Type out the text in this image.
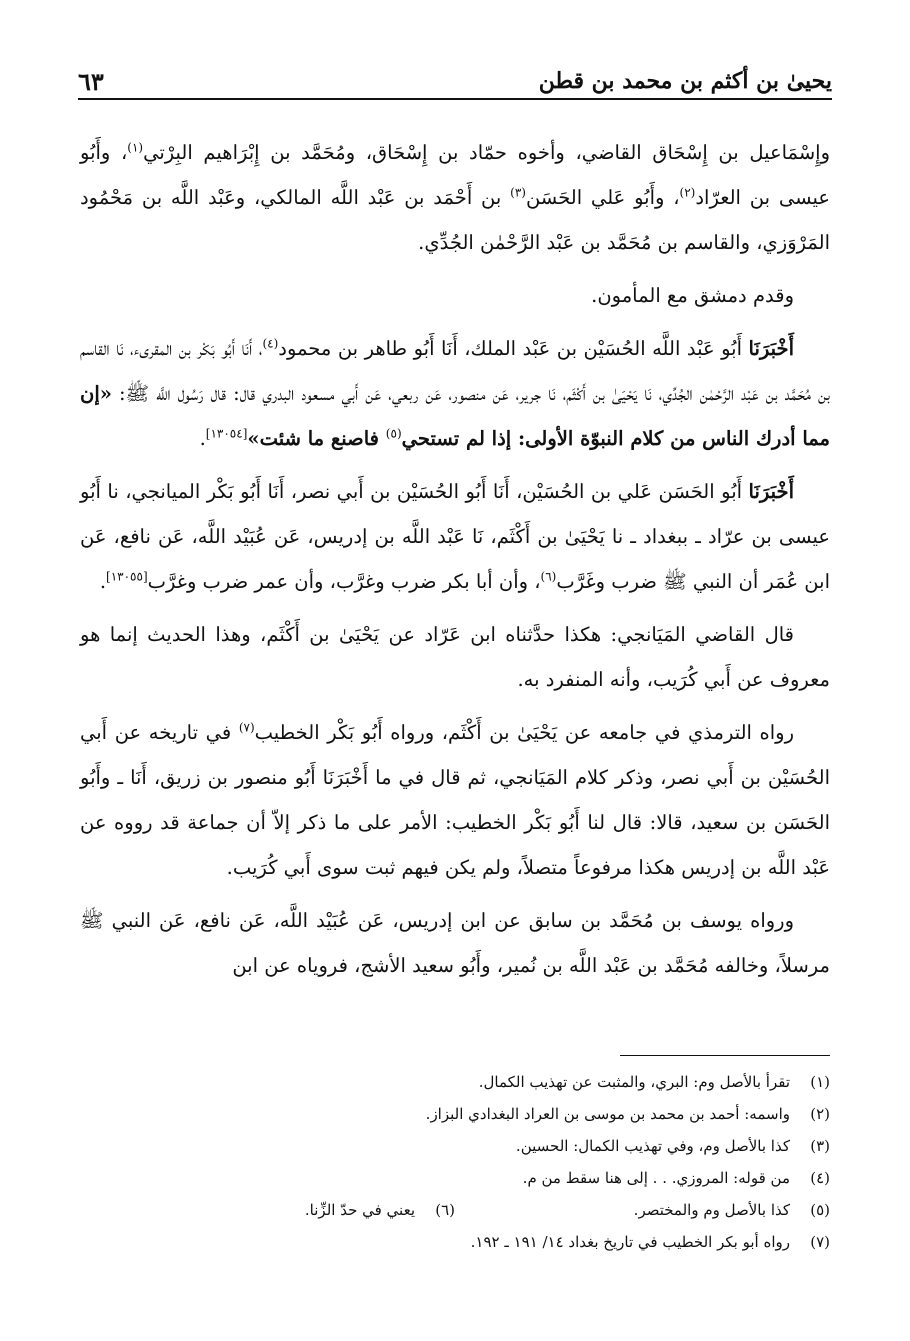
يحيىٰ بن أكثم بن محمد بن قطن
٦٣

وإِسْمَاعيل بن إِسْحَاق القاضي، وأخوه حمّاد بن إِسْحَاق، ومُحَمَّد بن إِبْرَاهيم البِرْتي$^{(١)}$، وأَبُو عيسى بن العرّاد$^{(٢)}$، وأَبُو عَلي الحَسَن$^{(٣)}$ بن أَحْمَد بن عَبْد اللَّه المالكي، وعَبْد اللَّه بن مَحْمُود المَرْوَزي، والقاسم بن مُحَمَّد بن عَبْد الرَّحْمٰن الجُدِّي.

وقدم دمشق مع المأمون.

أَخْبَرَنَا أَبُو عَبْد اللَّه الحُسَيْن بن عَبْد الملك، أَنَا أَبُو طاهر بن محمود$^{(٤)}$، أَنَا أَبُو بَكْر بن المقرىء، نَا القاسم بن مُحَمَّد بن عَبْد الرَّحْمٰن الجُدِّي، نَا يَحْيَىٰ بن أَكْثَم، نَا جرير، عَن منصور، عَن ربعي، عَن أَبي مسعود البدري قال: قال رَسُول اللَّه ﷺ: «إن مما أدرك الناس من كلام النبوّة الأولى: إذا لم تستحي$^{(٥)}$ فاصنع ما شئت»[١٣٠٥٤].

أَخْبَرَنَا أَبُو الحَسَن عَلي بن الحُسَيْن، أَنَا أَبُو الحُسَيْن بن أَبي نصر، أَنَا أَبُو بَكْر الميانجي، نا أَبُو عيسى بن عرّاد ـ ببغداد ـ نا يَحْيَىٰ بن أَكْثَم، نَا عَبْد اللَّه بن إدريس، عَن عُبَيْد اللَّه، عَن نافع، عَن ابن عُمَر أن النبي ﷺ ضرب وغَرَّب$^{(٦)}$، وأن أبا بكر ضرب وغرَّب، وأن عمر ضرب وغرَّب[١٣٠٥٥].

قال القاضي المَيَانجي: هكذا حدَّثناه ابن عَرّاد عن يَحْيَىٰ بن أَكْثَم، وهذا الحديث إنما هو معروف عن أَبي كُرَيب، وأنه المنفرد به.

رواه الترمذي في جامعه عن يَحْيَىٰ بن أَكْثَم، ورواه أَبُو بَكْر الخطيب$^{(٧)}$ في تاريخه عن أَبي الحُسَيْن بن أَبي نصر، وذكر كلام المَيَانجي، ثم قال في ما أَخْبَرَنَا أَبُو منصور بن زريق، أَنَا ـ وأَبُو الحَسَن بن سعيد، قالا: قال لنا أَبُو بَكْر الخطيب: الأمر على ما ذكر إلاّ أن جماعة قد رووه عن عَبْد اللَّه بن إدريس هكذا مرفوعاً متصلاً، ولم يكن فيهم ثبت سوى أَبي كُرَيب.

ورواه يوسف بن مُحَمَّد بن سابق عن ابن إدريس، عَن عُبَيْد اللَّه، عَن نافع، عَن النبي ﷺ مرسلاً، وخالفه مُحَمَّد بن عَبْد اللَّه بن نُمير، وأَبُو سعيد الأشج، فروياه عن ابن

(١)
تقرأ بالأصل وم: البري، والمثبت عن تهذيب الكمال.
(٢)
واسمه: أحمد بن محمد بن موسى بن العراد البغدادي البزاز.
(٣)
كذا بالأصل وم، وفي تهذيب الكمال: الحسين.
(٤)
من قوله: المروزي. . . إلى هنا سقط من م.
(٥)
كذا بالأصل وم والمختصر.
(٦)
يعني في حدّ الزِّنا.
(٧)
رواه أبو بكر الخطيب في تاريخ بغداد ١٤/ ١٩١ ـ ١٩٢.
